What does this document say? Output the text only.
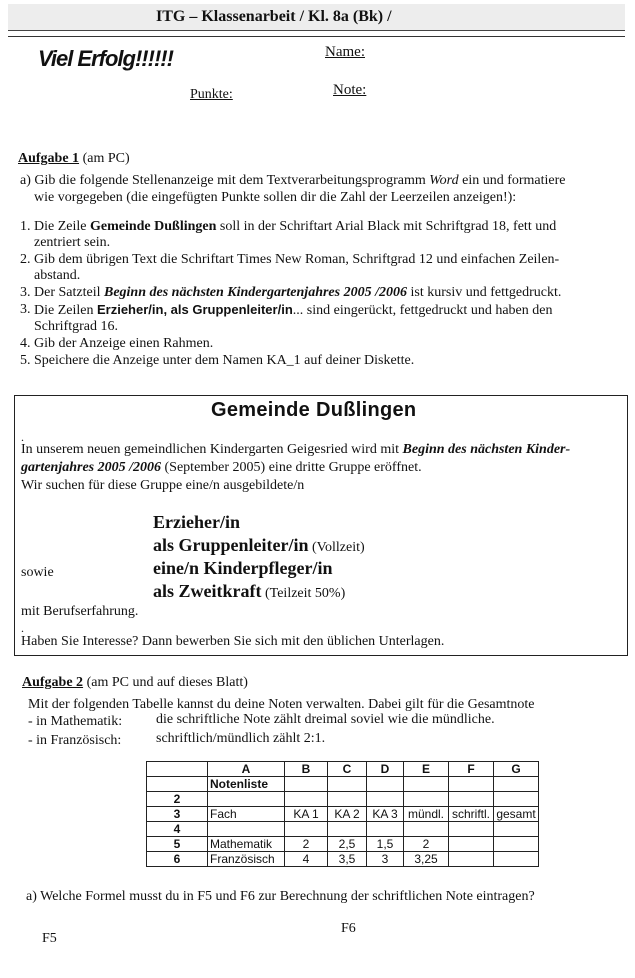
ITG – Klassenarbeit / Kl. 8a (Bk) /
Viel Erfolg!!!!!!	Name:
Punkte:	Note:
Aufgabe 1 (am PC)
a) Gib die folgende Stellenanzeige mit dem Textverarbeitungsprogramm Word ein und formatiere
wie vorgegeben (die eingefügten Punkte sollen dir die Zahl der Leerzeilen anzeigen!):
1. Die Zeile Gemeinde Dußlingen soll in der Schriftart Arial Black mit Schriftgrad 18, fett und zentriert sein.
2. Gib dem übrigen Text die Schriftart Times New Roman, Schriftgrad 12 und einfachen Zeilen-abstand.
3. Der Satzteil Beginn des nächsten Kindergartenjahres 2005 /2006 ist kursiv und fettgedruckt.
3. Die Zeilen Erzieher/in, als Gruppenleiter/in... sind eingerückt, fettgedruckt und haben den Schriftgrad 16.
4. Gib der Anzeige einen Rahmen.
5. Speichere die Anzeige unter dem Namen KA_1 auf deiner Diskette.
Gemeinde Dußlingen
.
In unserem neuen gemeindlichen Kindergarten Geigesried wird mit Beginn des nächsten Kinder-
gartenjahres 2005 /2006 (September 2005) eine dritte Gruppe eröffnet.
Wir suchen für diese Gruppe eine/n ausgebildete/n
Erzieher/in
als Gruppenleiter/in (Vollzeit)
sowie	eine/n Kinderpfleger/in
als Zweitkraft (Teilzeit 50%)
mit Berufserfahrung.
.
Haben Sie Interesse? Dann bewerben Sie sich mit den üblichen Unterlagen.
Aufgabe 2 (am PC und auf dieses Blatt)
Mit der folgenden Tabelle kannst du deine Noten verwalten. Dabei gilt für die Gesamtnote
- in Mathematik: die schriftliche Note zählt dreimal soviel wie die mündliche.
- in Französisch: schriftlich/mündlich zählt 2:1.
	A	B	C	D	E	F	G
	Notenliste						
2							
3	Fach	KA 1	KA 2	KA 3	mündl.	schriftl.	gesamt
4							
5	Mathematik	2	2,5	1,5	2		
6	Französisch	4	3,5	3	3,25		
a) Welche Formel musst du in F5 und F6 zur Berechnung der schriftlichen Note eintragen?
F5
F6
